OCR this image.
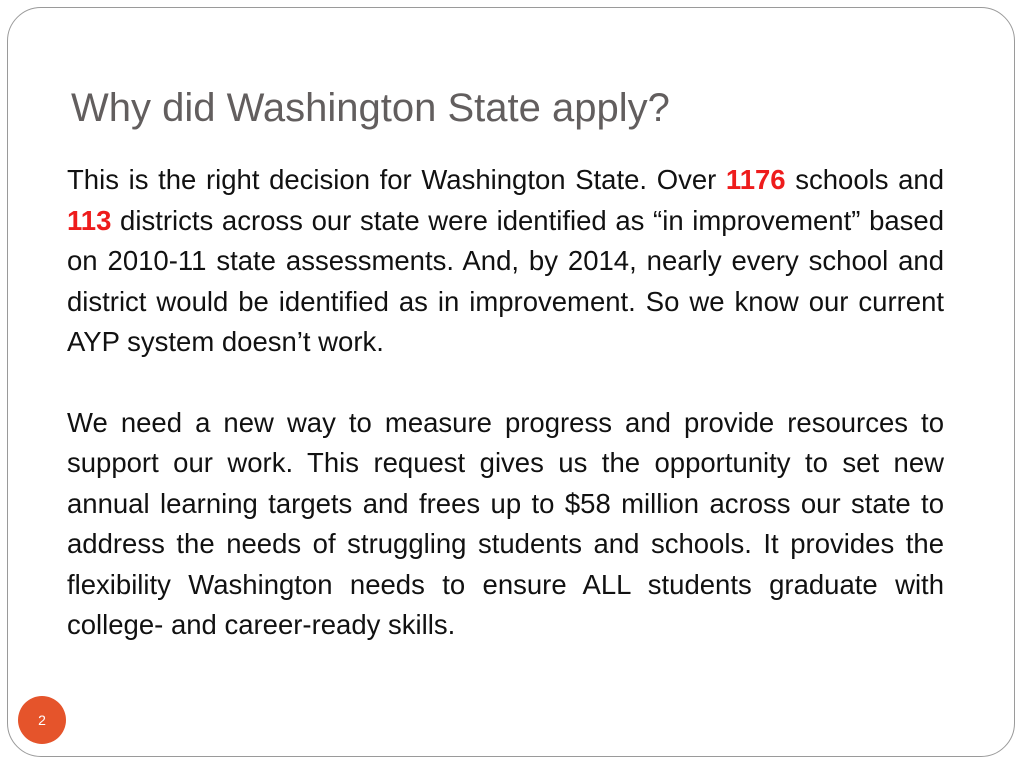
Why did Washington State apply?

This is the right decision for Washington State. Over 1176 schools and 113 districts across our state were identified as “in improvement” based on 2010-11 state assessments. And, by 2014, nearly every school and district would be identified as in improvement. So we know our current AYP system doesn’t work.

We need a new way to measure progress and provide resources to support our work. This request gives us the opportunity to set new annual learning targets and frees up to $58 million across our state to address the needs of struggling students and schools. It provides the flexibility Washington needs to ensure ALL students graduate with college- and career-ready skills.

2
